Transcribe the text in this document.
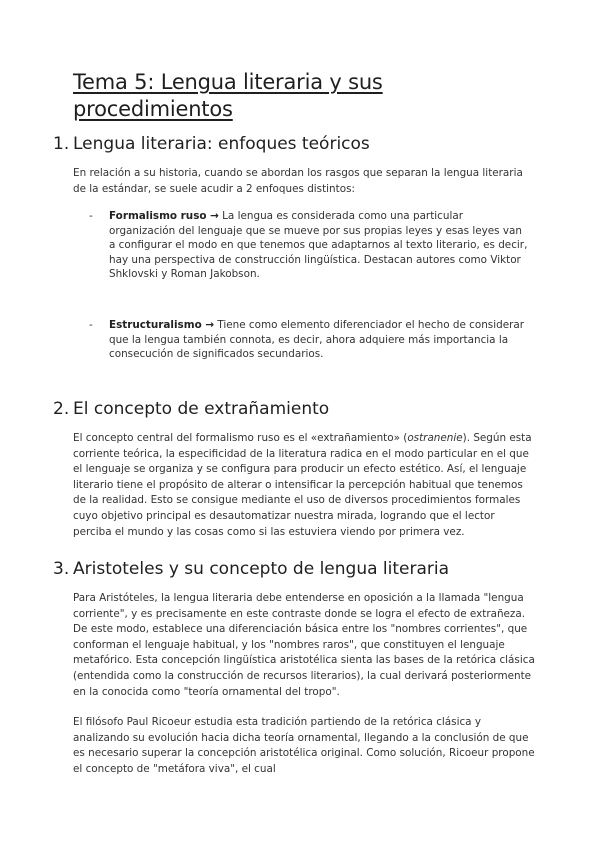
Tema 5: Lengua literaria y sus procedimientos
1. Lengua literaria: enfoques teóricos

En relación a su historia, cuando se abordan los rasgos que separan la lengua literaria de la estándar, se suele acudir a 2 enfoques distintos:

- Formalismo ruso → La lengua es considerada como una particular organización del lenguaje que se mueve por sus propias leyes y esas leyes van a configurar el modo en que tenemos que adaptarnos al texto literario, es decir, hay una perspectiva de construcción lingüística. Destacan autores como Viktor Shklovski y Roman Jakobson.
- Estructuralismo → Tiene como elemento diferenciador el hecho de considerar que la lengua también connota, es decir, ahora adquiere más importancia la consecución de significados secundarios.
2. El concepto de extrañamiento

El concepto central del formalismo ruso es el «extrañamiento» (ostranenie). Según esta corriente teórica, la especificidad de la literatura radica en el modo particular en el que el lenguaje se organiza y se configura para producir un efecto estético. Así, el lenguaje literario tiene el propósito de alterar o intensificar la percepción habitual que tenemos de la realidad. Esto se consigue mediante el uso de diversos procedimientos formales cuyo objetivo principal es desautomatizar nuestra mirada, logrando que el lector perciba el mundo y las cosas como si las estuviera viendo por primera vez.

3. Aristoteles y su concepto de lengua literaria

Para Aristóteles, la lengua literaria debe entenderse en oposición a la llamada "lengua corriente", y es precisamente en este contraste donde se logra el efecto de extrañeza. De este modo, establece una diferenciación básica entre los "nombres corrientes", que conforman el lenguaje habitual, y los "nombres raros", que constituyen el lenguaje metafórico. Esta concepción lingüística aristotélica sienta las bases de la retórica clásica (entendida como la construcción de recursos literarios), la cual derivará posteriormente en la conocida como "teoría ornamental del tropo".

El filósofo Paul Ricoeur estudia esta tradición partiendo de la retórica clásica y analizando su evolución hacia dicha teoría ornamental, llegando a la conclusión de que es necesario superar la concepción aristotélica original. Como solución, Ricoeur propone el concepto de "metáfora viva", el cual
